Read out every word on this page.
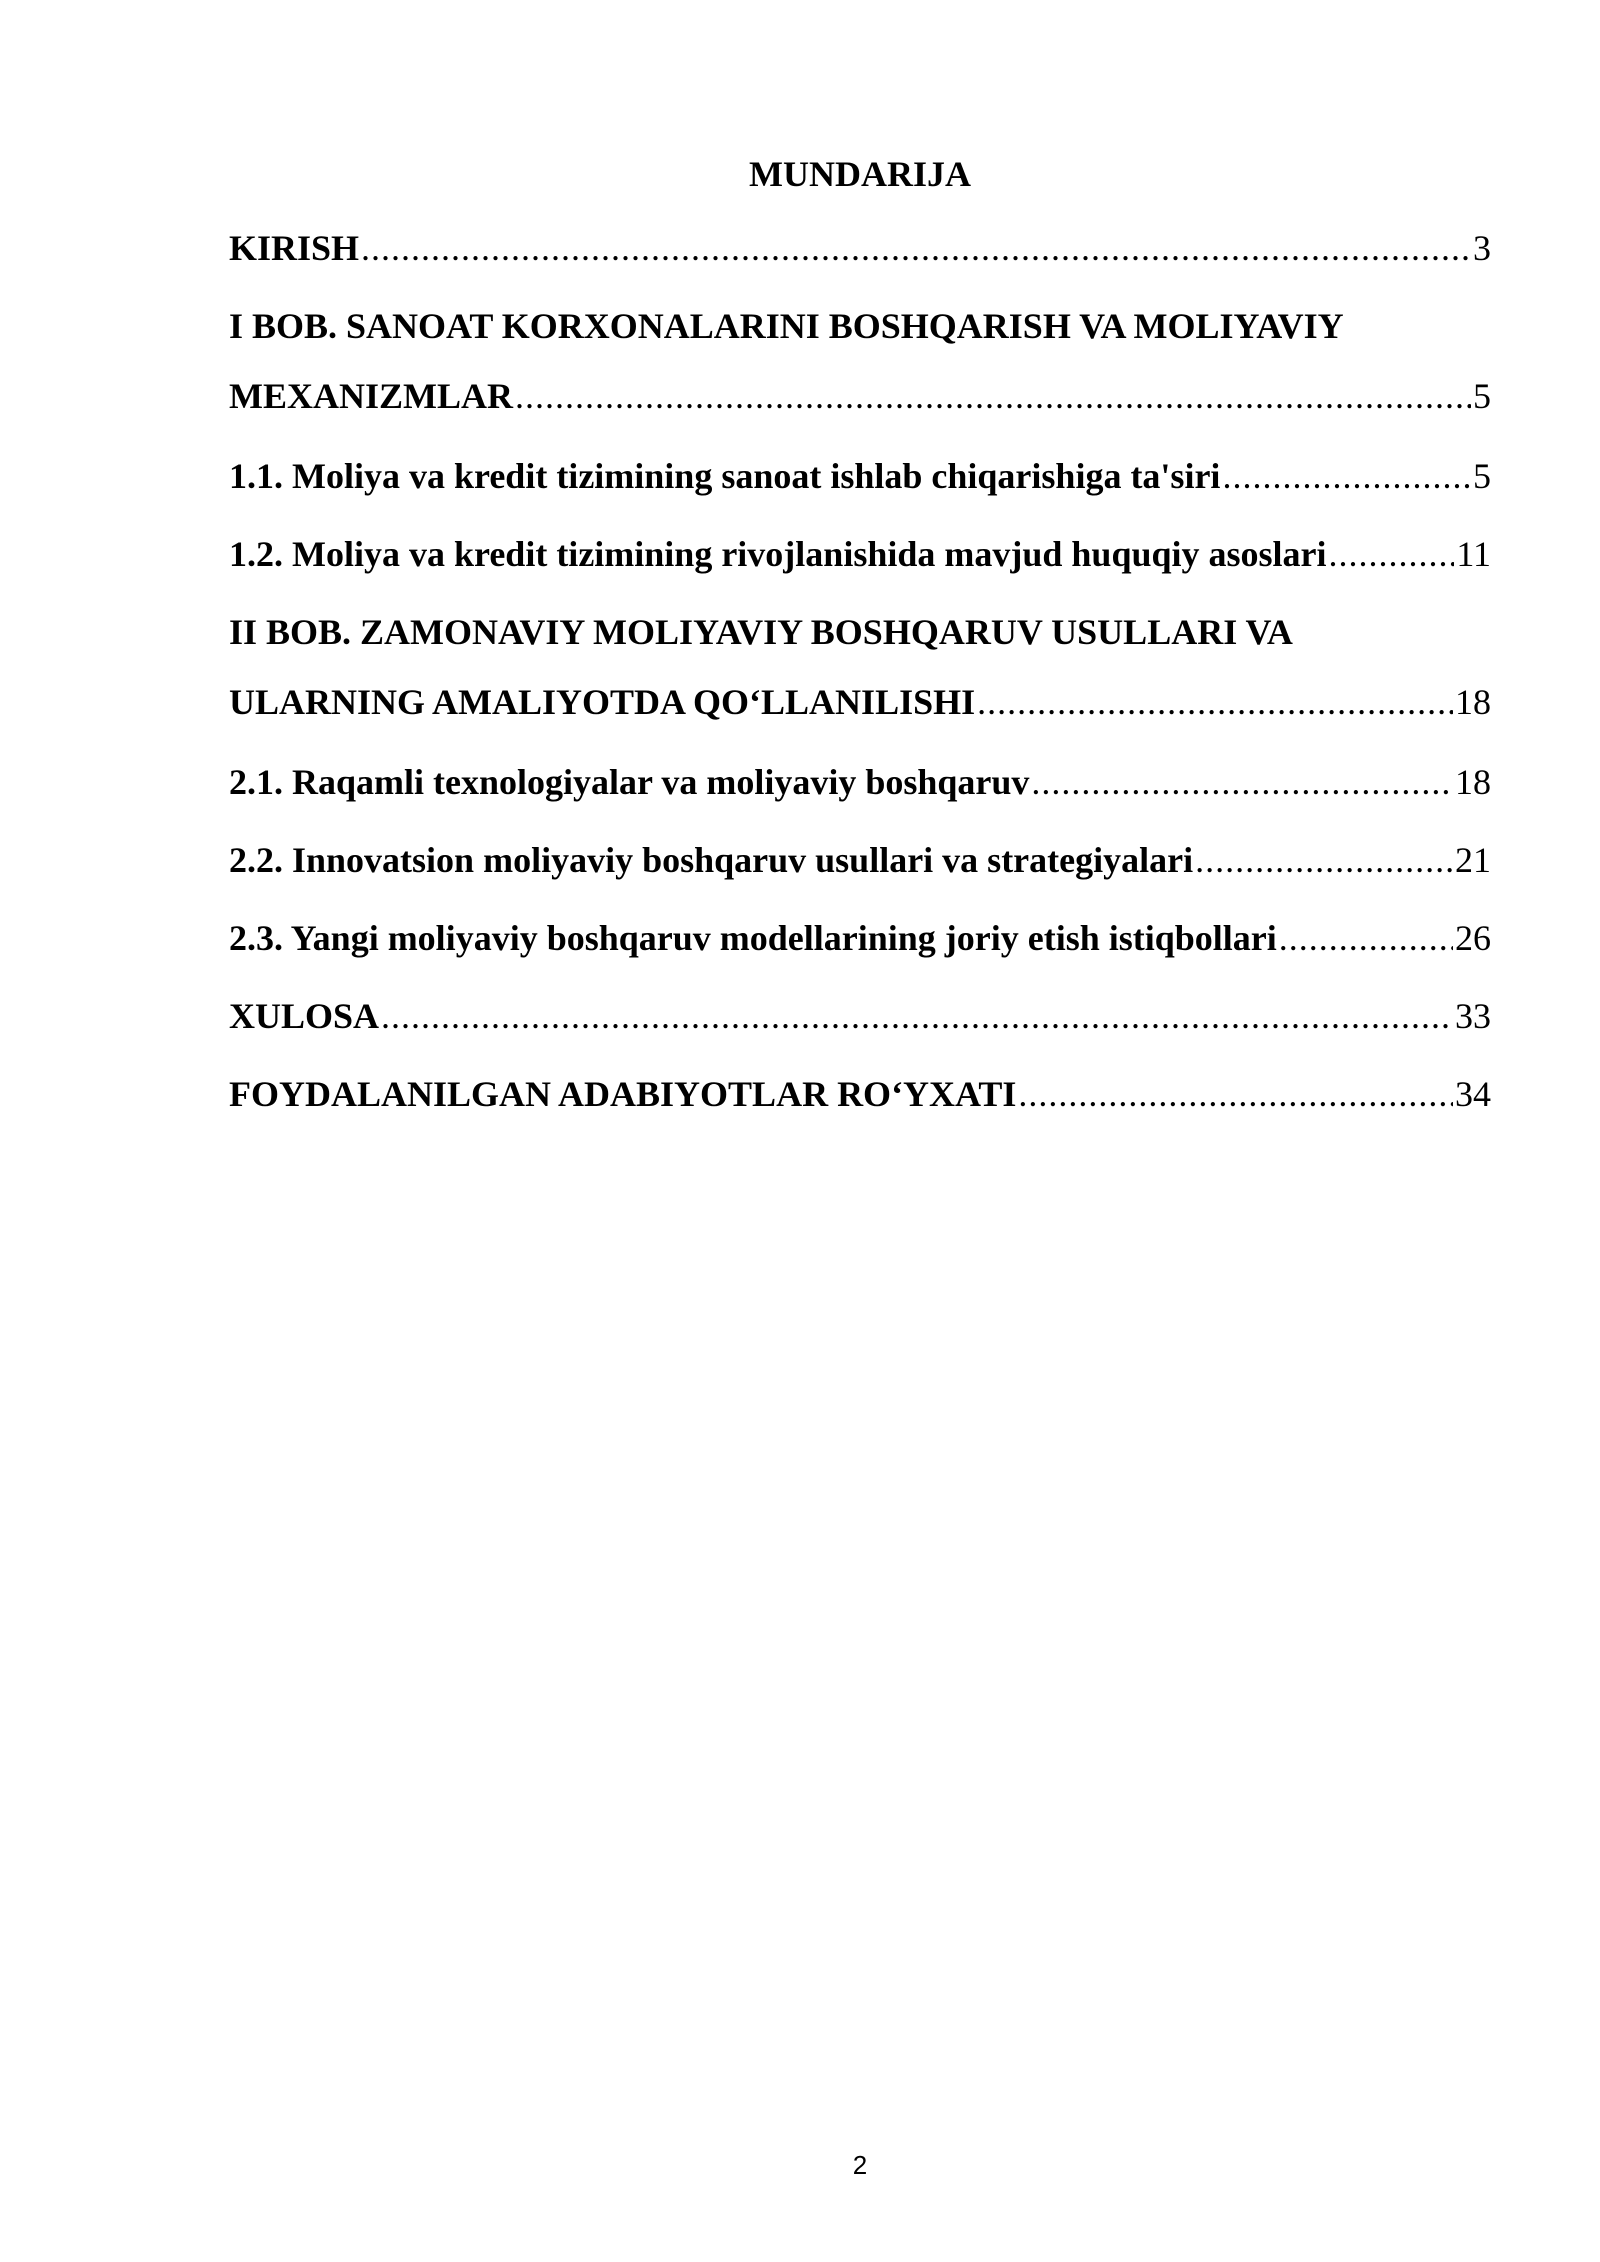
MUNDARIJA
KIRISH .....	3
I BOB. SANOAT KORXONALARINI BOSHQARISH VA MOLIYAVIY
MEXANIZMLAR .....	5
1.1. Moliya va kredit tizimining sanoat ishlab chiqarishiga ta'siri .....	5
1.2. Moliya va kredit tizimining rivojlanishida mavjud huquqiy asoslari .....	11
II BOB. ZAMONAVIY MOLIYAVIY BOSHQARUV USULLARI VA
ULARNING AMALIYOTDA QO‘LLANILISHI .....	18
2.1. Raqamli texnologiyalar va moliyaviy boshqaruv .....	18
2.2. Innovatsion moliyaviy boshqaruv usullari va strategiyalari .....	21
2.3. Yangi moliyaviy boshqaruv modellarining joriy etish istiqbollari .....	26
XULOSA .....	33
FOYDALANILGAN ADABIYOTLAR RO‘YXATI .....	34
2
